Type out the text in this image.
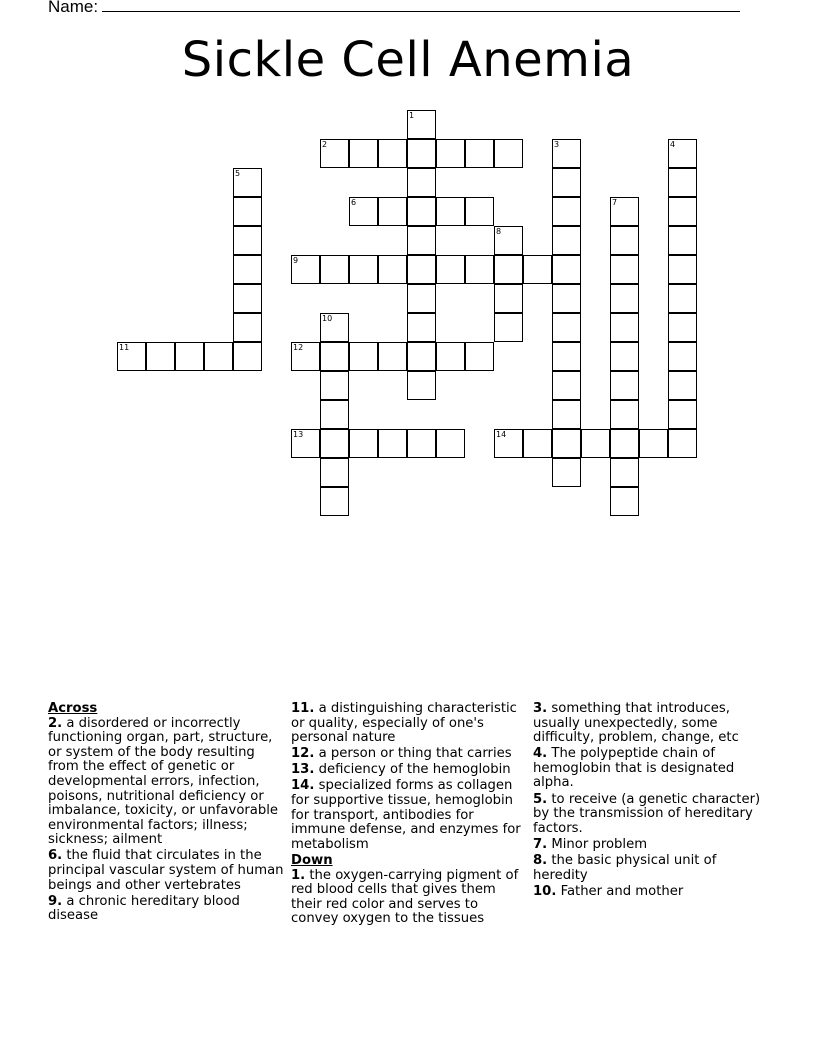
Name:
Sickle Cell Anemia
1
2	3	4
5
6	7
8
9
10
11	12
13	14
Across
2. a disordered or incorrectly functioning organ, part, structure, or system of the body resulting from the effect of genetic or developmental errors, infection, poisons, nutritional deficiency or imbalance, toxicity, or unfavorable environmental factors; illness; sickness; ailment
6. the fluid that circulates in the principal vascular system of human beings and other vertebrates
9. a chronic hereditary blood disease
11. a distinguishing characteristic or quality, especially of one's personal nature
12. a person or thing that carries
13. deficiency of the hemoglobin
14. specialized forms as collagen for supportive tissue, hemoglobin for transport, antibodies for immune defense, and enzymes for metabolism
Down
1. the oxygen-carrying pigment of red blood cells that gives them their red color and serves to convey oxygen to the tissues
3. something that introduces, usually unexpectedly, some difficulty, problem, change, etc
4. The polypeptide chain of hemoglobin that is designated alpha.
5. to receive (a genetic character) by the transmission of hereditary factors.
7. Minor problem
8. the basic physical unit of heredity
10. Father and mother
